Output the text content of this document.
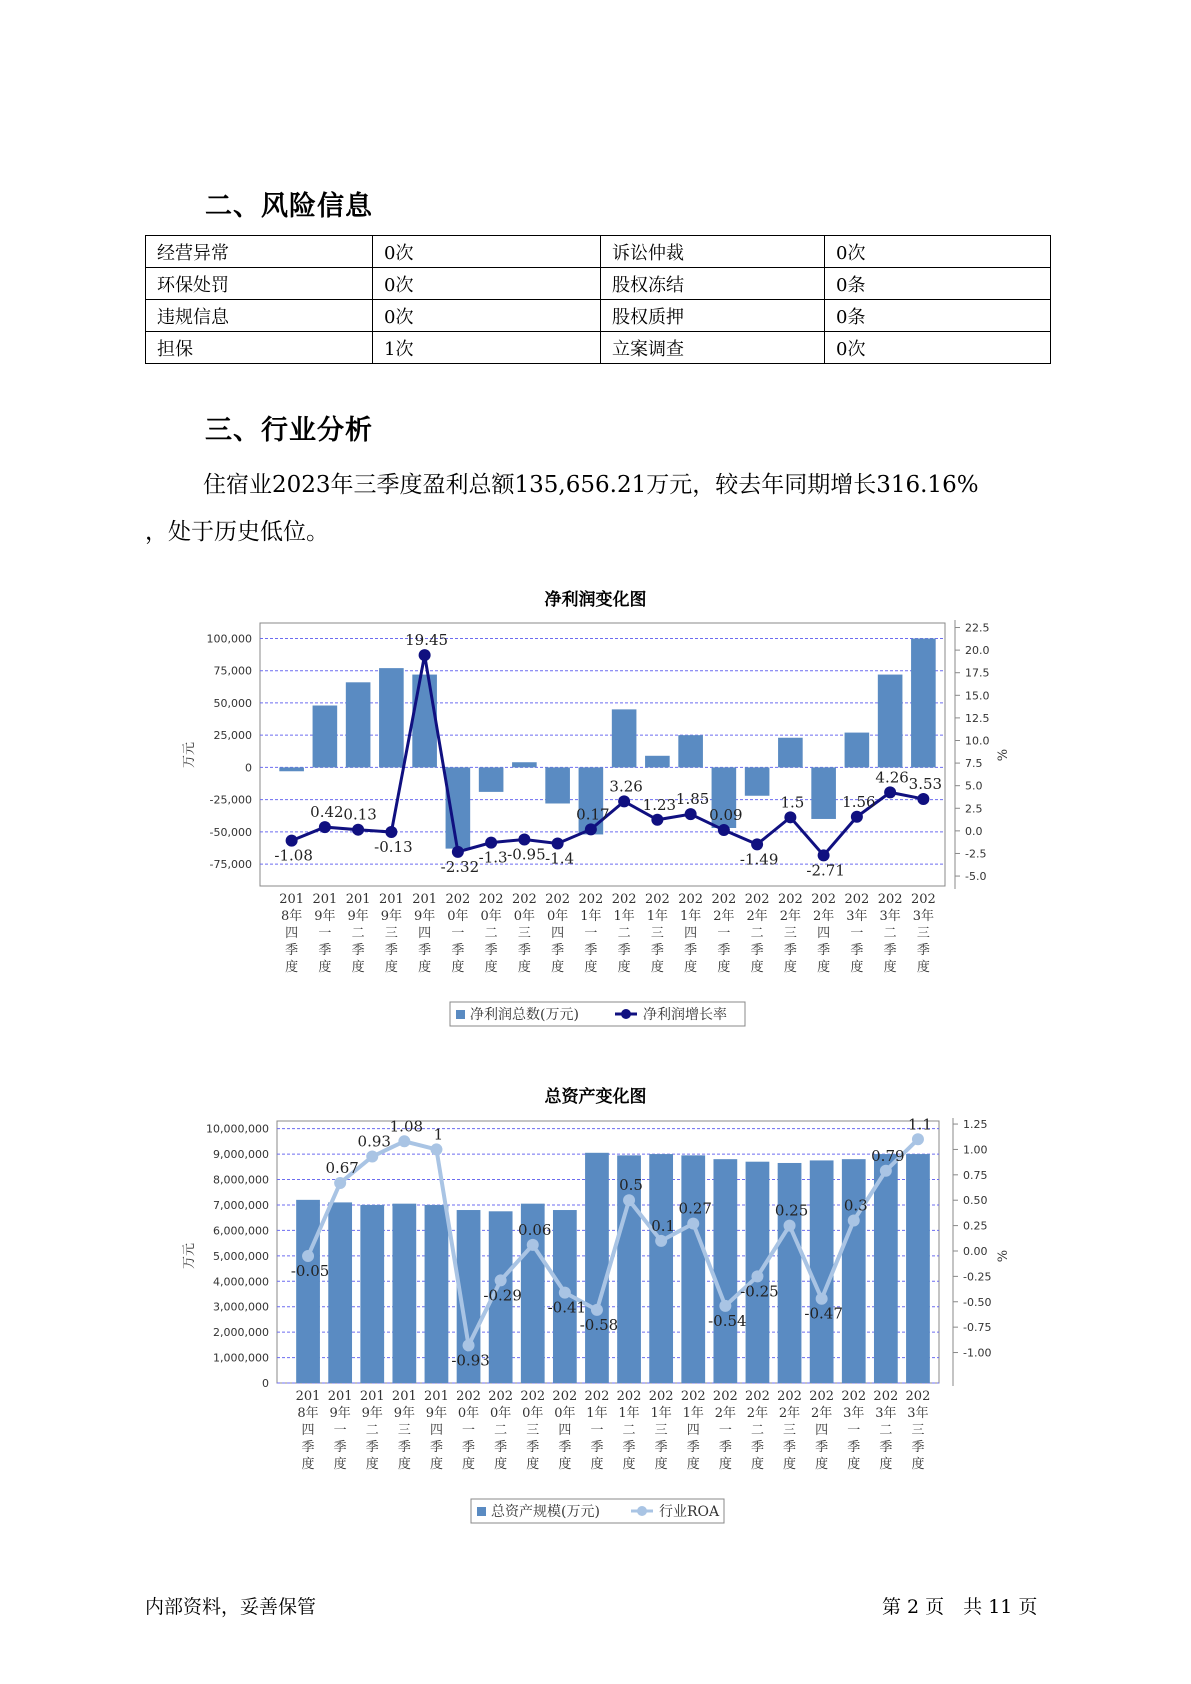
二、风险信息
经营异常	0次	诉讼仲裁	0次
环保处罚	0次	股权冻结	0条
违规信息	0次	股权质押	0条
担保	1次	立案调查	0次
三、行业分析
住宿业2023年三季度盈利总额135,656.21万元，较去年同期增长316.16%
，处于历史低位。
净利润变化图
100,000
75,000
50,000
25,000
0
-25,000
-50,000
-75,000
22.5
20.0
17.5
15.0
12.5
10.0
7.5
5.0
2.5
0.0
-2.5
-5.0
万元	%
-1.08
0.42 0.13
-0.13
19.45
-2.32
-1.3 -0.95 -1.4
0.17
3.26
1.23 1.85
0.09
-1.49
1.5
-2.71
1.56
4.26 3.53
201 8年四季度
201 9年一季度
201 9年二季度
201 9年三季度
201 9年四季度
202 0年一季度
202 0年二季度
202 0年三季度
202 0年四季度
202 1年一季度
202 1年二季度
202 1年三季度
202 1年四季度
202 2年一季度
202 2年二季度
202 2年三季度
202 2年四季度
202 3年一季度
202 3年二季度
202 3年三季度
净利润总数(万元)	净利润增长率
总资产变化图
10,000,000
9,000,000
8,000,000
7,000,000
6,000,000
5,000,000
4,000,000
3,000,000
2,000,000
1,000,000
0
1.25
1.00
0.75
0.50
0.25
0.00
-0.25
-0.50
-0.75
-1.00
万元	%
-0.05
0.67
0.93
1.08 1
-0.93
-0.29
0.06
-0.41
-0.58
0.5
0.1
0.27
-0.54
-0.25
0.25
-0.47
0.3
0.79
1.1
201 8年四季度
201 9年一季度
201 9年二季度
201 9年三季度
201 9年四季度
202 0年一季度
202 0年二季度
202 0年三季度
202 0年四季度
202 1年一季度
202 1年二季度
202 1年三季度
202 1年四季度
202 2年一季度
202 2年二季度
202 2年三季度
202 2年四季度
202 3年一季度
202 3年二季度
202 3年三季度
总资产规模(万元)	行业ROA
内部资料，妥善保管	第 2 页　共 11 页
